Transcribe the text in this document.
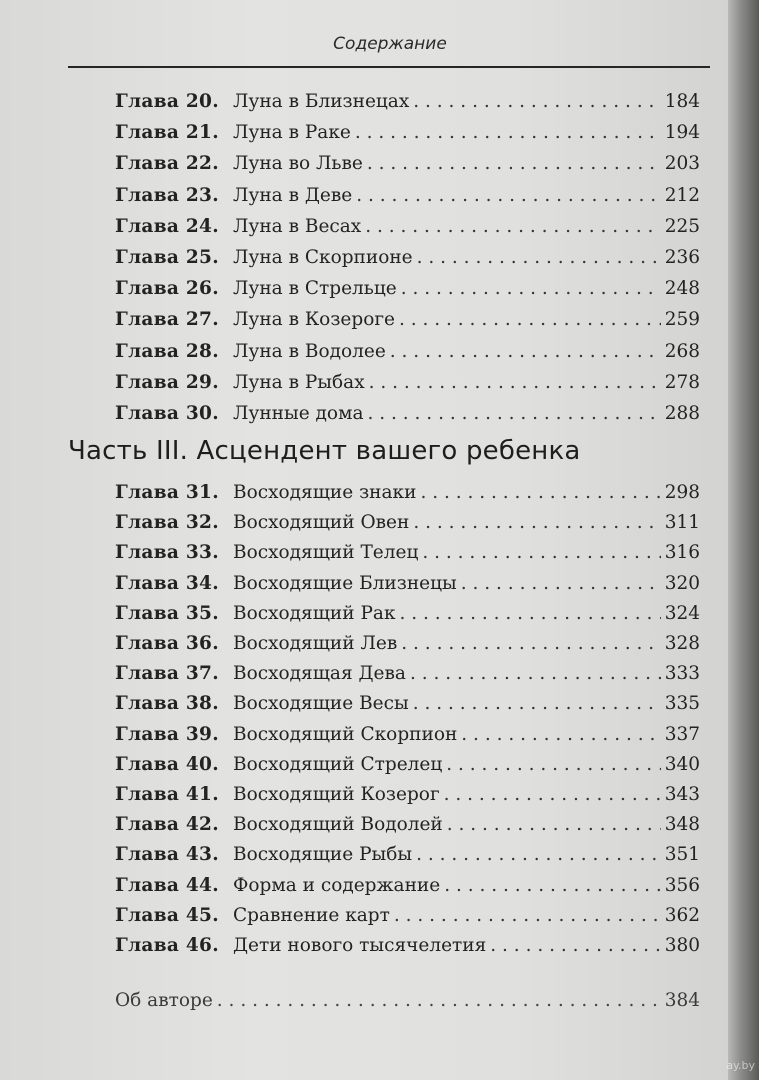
Содержание
Глава 20. Луна в Близнецах . . .	184
Глава 21. Луна в Раке . . .	194
Глава 22. Луна во Льве . . .	203
Глава 23. Луна в Деве . . .	212
Глава 24. Луна в Весах . . .	225
Глава 25. Луна в Скорпионе . . .	236
Глава 26. Луна в Стрельце . . .	248
Глава 27. Луна в Козероге . . .	259
Глава 28. Луна в Водолее . . .	268
Глава 29. Луна в Рыбах . . .	278
Глава 30. Лунные дома . . .	288
Часть III. Асцендент вашего ребенка
Глава 31. Восходящие знаки . . .	298
Глава 32. Восходящий Овен . . .	311
Глава 33. Восходящий Телец . . .	316
Глава 34. Восходящие Близнецы . . .	320
Глава 35. Восходящий Рак . . .	324
Глава 36. Восходящий Лев . . .	328
Глава 37. Восходящая Дева . . .	333
Глава 38. Восходящие Весы . . .	335
Глава 39. Восходящий Скорпион . . .	337
Глава 40. Восходящий Стрелец . . .	340
Глава 41. Восходящий Козерог . . .	343
Глава 42. Восходящий Водолей . . .	348
Глава 43. Восходящие Рыбы . . .	351
Глава 44. Форма и содержание . . .	356
Глава 45. Сравнение карт . . .	362
Глава 46. Дети нового тысячелетия . . .	380
Об авторе . . .	384
ay.by
